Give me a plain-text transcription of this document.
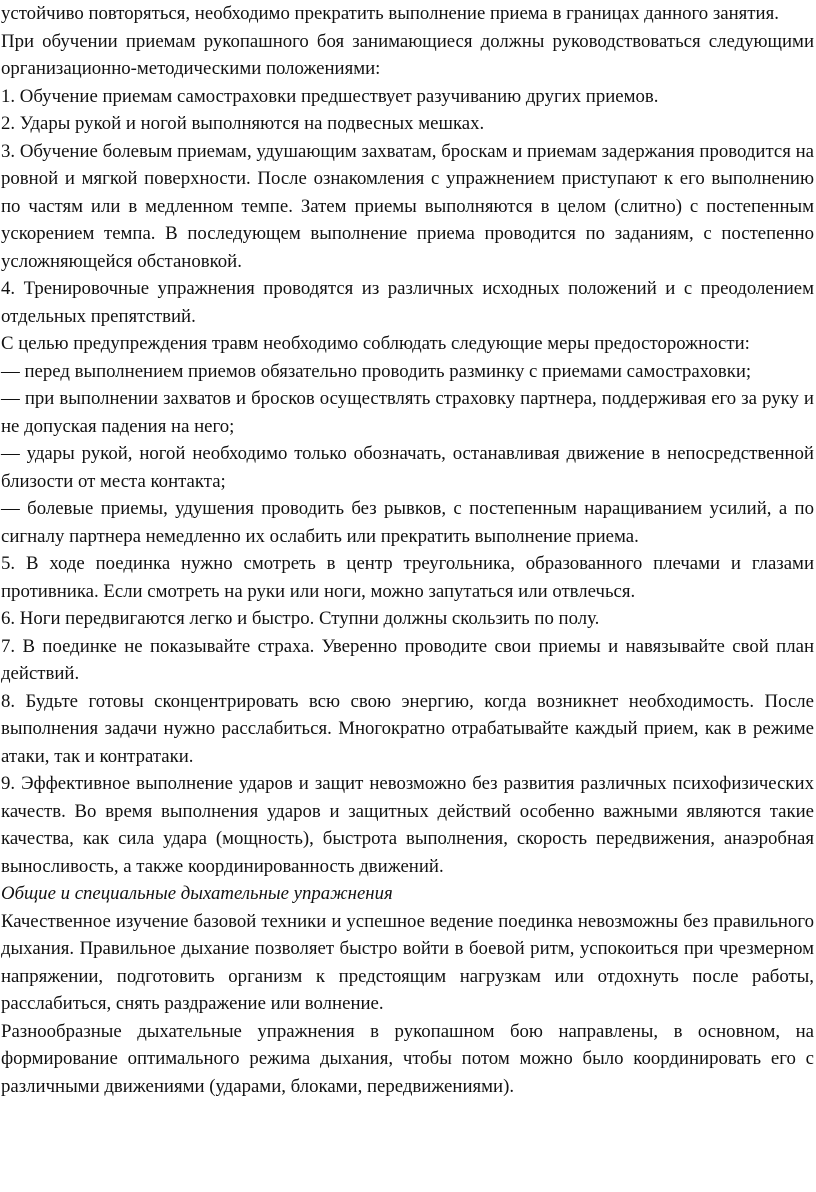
устойчиво повторяться, необходимо прекратить выполнение приема в границах данного занятия.

При обучении приемам рукопашного боя занимающиеся должны руководствоваться следующими организационно-методическими положениями:

1. Обучение приемам самостраховки предшествует разучиванию других приемов.

2. Удары рукой и ногой выполняются на подвесных мешках.

3. Обучение болевым приемам, удушающим захватам, броскам и приемам задержания проводится на ровной и мягкой поверхности. После ознакомления с упражнением приступают к его выполнению по частям или в медленном темпе. Затем приемы выполняются в целом (слитно) с постепенным ускорением темпа. В последующем выполнение приема проводится по заданиям, с постепенно усложняющейся обстановкой.

4. Тренировочные упражнения проводятся из различных исходных положений и с преодолением отдельных препятствий.

С целью предупреждения травм необходимо соблюдать следующие меры предосторожности:

— перед выполнением приемов обязательно проводить разминку с приемами самостраховки;

— при выполнении захватов и бросков осуществлять страховку партнера, поддерживая его за руку и не допуская падения на него;

— удары рукой, ногой необходимо только обозначать, останавливая движение в непосредственной близости от места контакта;

— болевые приемы, удушения проводить без рывков, с постепенным наращиванием усилий, а по сигналу партнера немедленно их ослабить или прекратить выполнение приема.

5. В ходе поединка нужно смотреть в центр треугольника, образованного плечами и глазами противника. Если смотреть на руки или ноги, можно запутаться или отвлечься.

6. Ноги передвигаются легко и быстро. Ступни должны скользить по полу.

7. В поединке не показывайте страха. Уверенно проводите свои приемы и навязывайте свой план действий.

8. Будьте готовы сконцентрировать всю свою энергию, когда возникнет необходимость. После выполнения задачи нужно расслабиться. Многократно отрабатывайте каждый прием, как в режиме атаки, так и контратаки.

9. Эффективное выполнение ударов и защит невозможно без развития различных психофизических качеств. Во время выполнения ударов и защитных действий особенно важными являются такие качества, как сила удара (мощность), быстрота выполнения, скорость передвижения, анаэробная выносливость, а также координированность движений.

Общие и специальные дыхательные упражнения

Качественное изучение базовой техники и успешное ведение поединка невозможны без правильного дыхания. Правильное дыхание позволяет быстро войти в боевой ритм, успокоиться при чрезмерном напряжении, подготовить организм к предстоящим нагрузкам или отдохнуть после работы, расслабиться, снять раздражение или волнение.

Разнообразные дыхательные упражнения в рукопашном бою направлены, в основном, на формирование оптимального режима дыхания, чтобы потом можно было координировать его с различными движениями (ударами, блоками, передвижениями).
